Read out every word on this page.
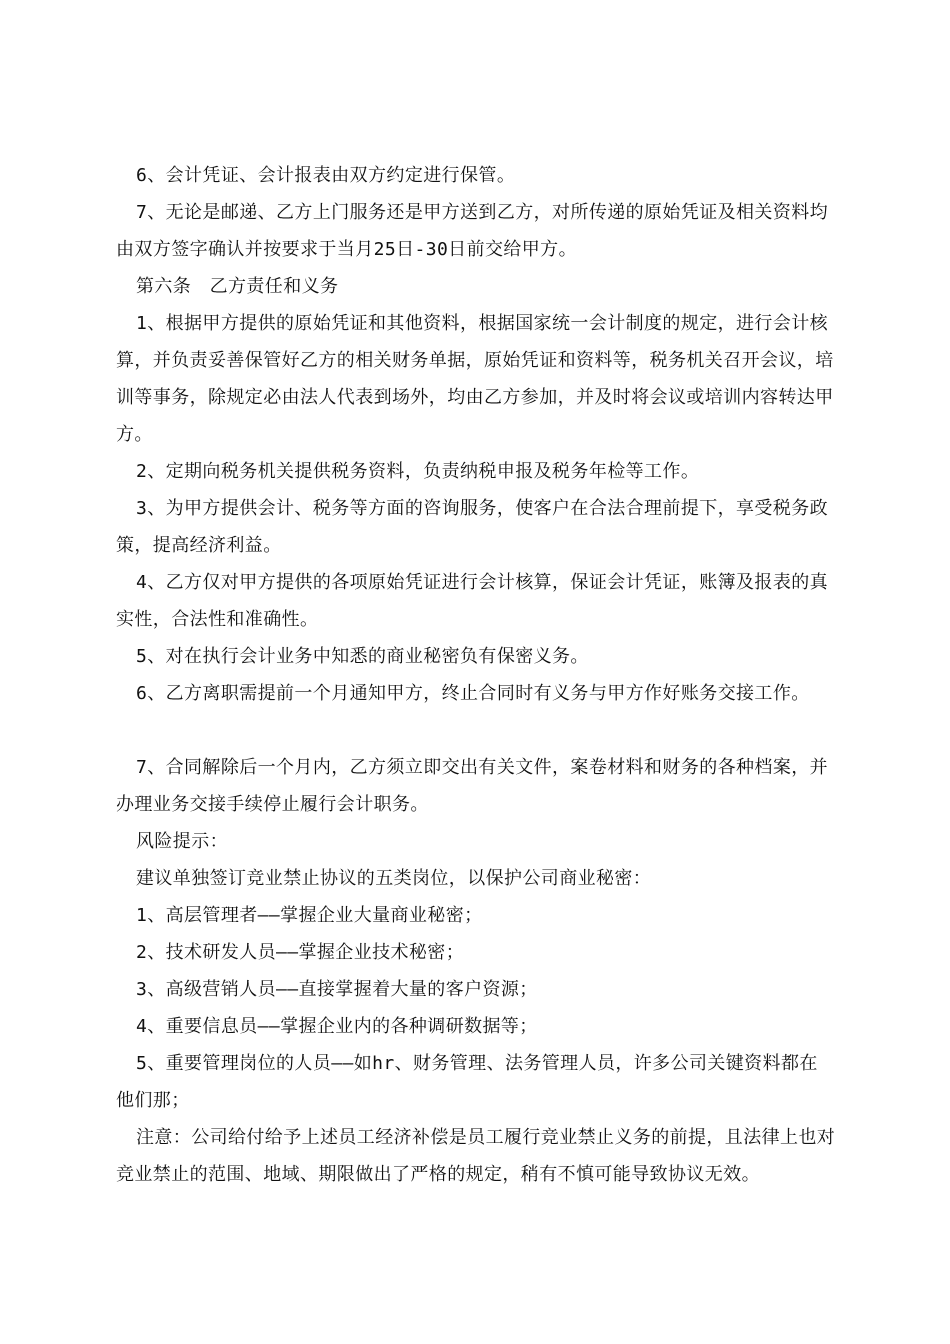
6、会计凭证、会计报表由双方约定进行保管。

7、无论是邮递、乙方上门服务还是甲方送到乙方，对所传递的原始凭证及相关资料均由双方签字确认并按要求于当月25日-30日前交给甲方。

第六条　乙方责任和义务

1、根据甲方提供的原始凭证和其他资料，根据国家统一会计制度的规定，进行会计核算，并负责妥善保管好乙方的相关财务单据，原始凭证和资料等，税务机关召开会议，培训等事务，除规定必由法人代表到场外，均由乙方参加，并及时将会议或培训内容转达甲方。

2、定期向税务机关提供税务资料，负责纳税申报及税务年检等工作。

3、为甲方提供会计、税务等方面的咨询服务，使客户在合法合理前提下，享受税务政策，提高经济利益。

4、乙方仅对甲方提供的各项原始凭证进行会计核算，保证会计凭证，账簿及报表的真实性，合法性和准确性。

5、对在执行会计业务中知悉的商业秘密负有保密义务。

6、乙方离职需提前一个月通知甲方，终止合同时有义务与甲方作好账务交接工作。

7、合同解除后一个月内，乙方须立即交出有关文件，案卷材料和财务的各种档案，并办理业务交接手续停止履行会计职务。

风险提示：

建议单独签订竞业禁止协议的五类岗位，以保护公司商业秘密：

1、高层管理者——掌握企业大量商业秘密；

2、技术研发人员——掌握企业技术秘密；

3、高级营销人员——直接掌握着大量的客户资源；

4、重要信息员——掌握企业内的各种调研数据等；

5、重要管理岗位的人员——如hr、财务管理、法务管理人员，许多公司关键资料都在他们那；

注意：公司给付给予上述员工经济补偿是员工履行竞业禁止义务的前提，且法律上也对竞业禁止的范围、地域、期限做出了严格的规定，稍有不慎可能导致协议无效。
